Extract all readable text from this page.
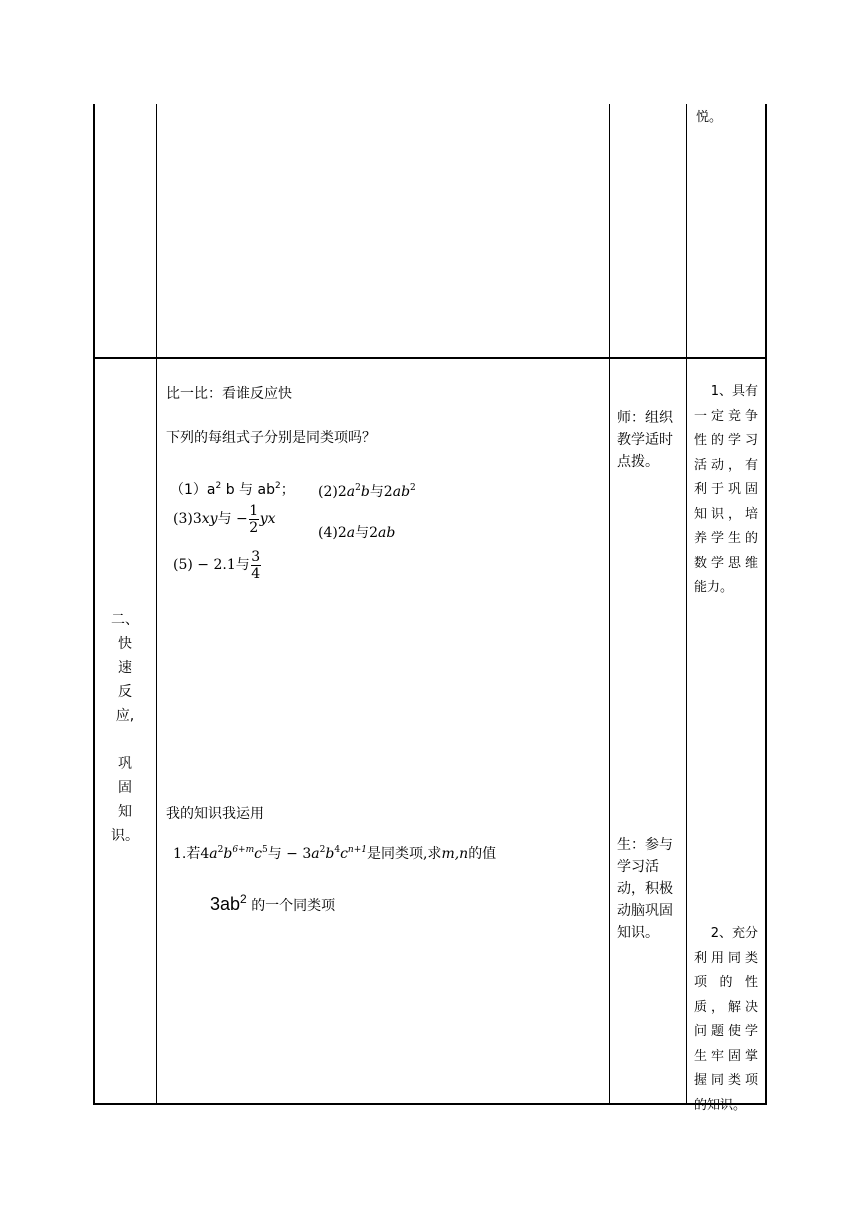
悦。
二、
快
速
反
应,
巩
固
知
识。
比一比：看谁反应快
下列的每组式子分别是同类项吗？
$(1)a^2$ b 与 $ab^2$； $(2)2a^2b$与$2ab^2$
(3)3xy与 − $\frac{1}{2}$ yx
(4)2a与2ab
(5) − 2.1与 $\frac{3}{4}$
我的知识我运用
1.若$4a^2b^{6+m}c^5$与 − $3a^2b^4c^{n+1}$是同类项,求m,n的值
$3ab^2$ 的一个同类项
师：组织
教学适时
点拨。
生：参与
学习活
动，积极
动脑巩固
知识。
1、具有
一定竞争
性的学习
活动，有
利于巩固
知识，培
养学生的
数学思维
能力。
2、充分
利用同类
项 的 性
质，解决
问题使学
生牢固掌
握同类项
的知识。
